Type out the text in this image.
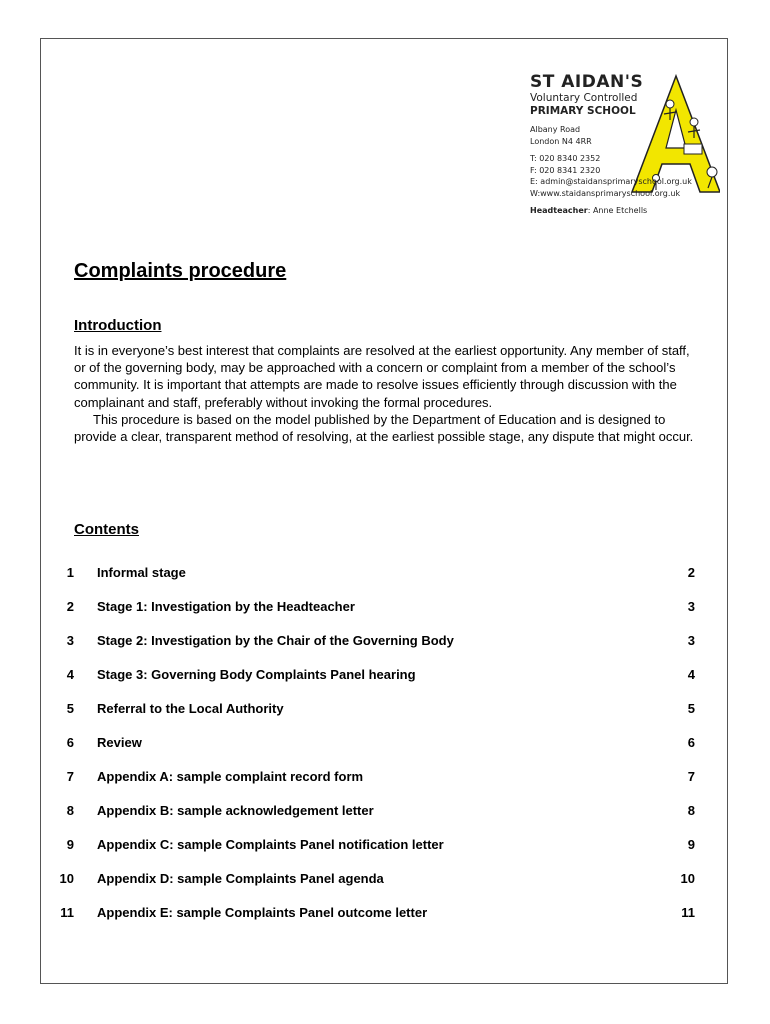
ST AIDAN'S
Voluntary Controlled
PRIMARY SCHOOL
Albany Road
London N4 4RR
T: 020 8340 2352
F: 020 8341 2320
E: admin@staidansprimaryschool.org.uk
W:www.staidansprimaryschool.org.uk
Headteacher: Anne Etchells
Complaints procedure
Introduction

It is in everyone’s best interest that complaints are resolved at the earliest opportunity. Any member of staff, or of the governing body, may be approached with a concern or complaint from a member of the school’s community. It is important that attempts are made to resolve issues efficiently through discussion with the complainant and staff, preferably without invoking the formal procedures.

This procedure is based on the model published by the Department of Education and is designed to provide a clear, transparent method of resolving, at the earliest possible stage, any dispute that might occur.

Contents
1 Informal stage	2
2 Stage 1: Investigation by the Headteacher	3
3 Stage 2: Investigation by the Chair of the Governing Body	3
4 Stage 3: Governing Body Complaints Panel hearing	4
5 Referral to the Local Authority	5
6 Review	6
7 Appendix A: sample complaint record form	7
8 Appendix B: sample acknowledgement letter	8
9 Appendix C: sample Complaints Panel notification letter	9
10 Appendix D: sample Complaints Panel agenda	10
11 Appendix E: sample Complaints Panel outcome letter	11
